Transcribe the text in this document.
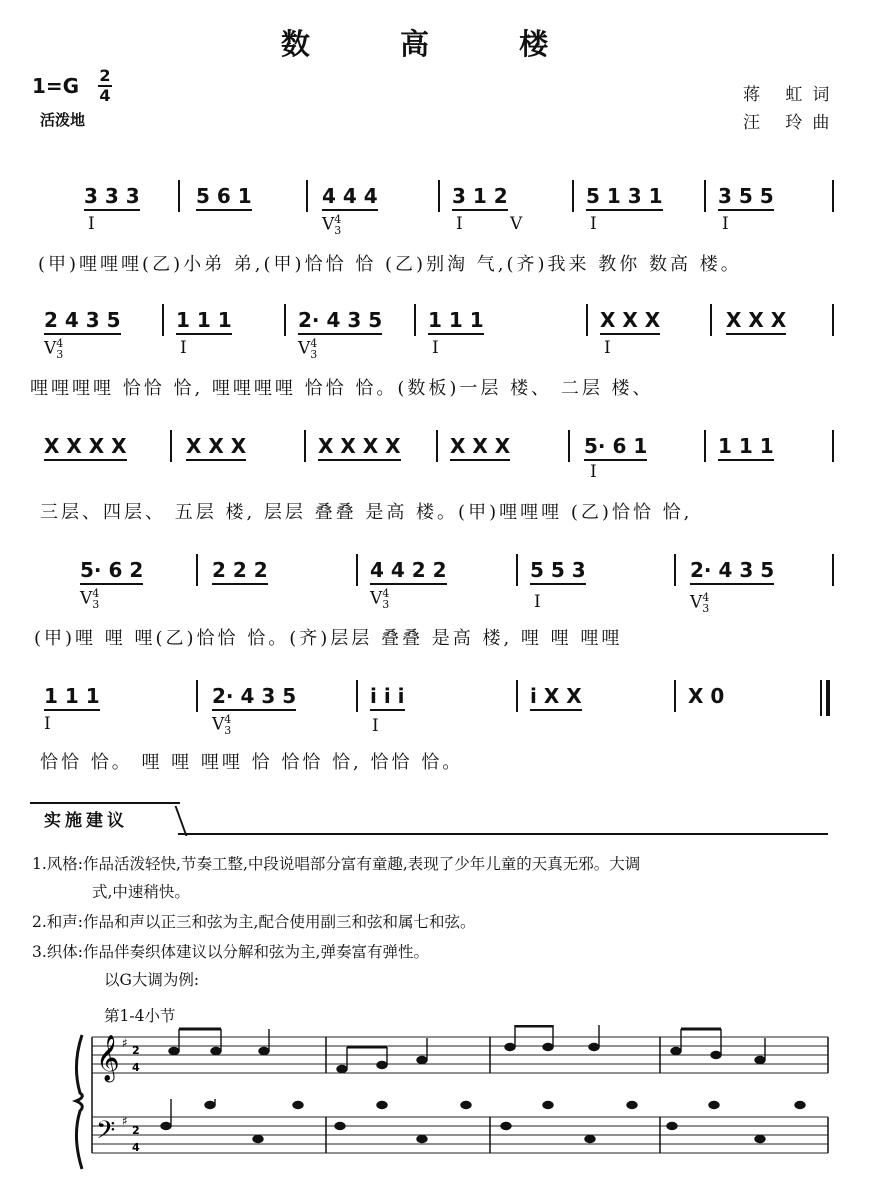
数 高 楼
1=G 2
4
活泼地
蒋 虹词
汪 玲曲
3 3 3	5 6 1	4 4 4	3 1 2	5 1 3 1	3 5 5
I	V4
3	I	V	I	I
(甲)哩哩哩(乙)小弟 弟,(甲)恰恰 恰 (乙)别淘 气,(齐)我来 教你 数高 楼。
2 4 3 5	1 1 1	2· 4 3 5 1 1 1	X X X	X X X
V4
3	I	V4
3	I	I
哩哩哩哩 恰恰 恰, 哩哩哩哩 恰恰 恰。(数板)一层 楼、 二层 楼、
X X X X	X X X	X X X X X X X	5· 6 1	1 1 1
I
三层、四层、 五层 楼, 层层 叠叠 是高 楼。(甲)哩哩哩 (乙)恰恰 恰,
5· 6 2	2 2 2	4 4 2 2	5 5 3	2· 4 3 5
V4
3	V4
3	I	V4
3
(甲)哩 哩 哩(乙)恰恰 恰。(齐)层层 叠叠 是高 楼, 哩 哩 哩哩
1 1 1	2· 4 3 5	i i i	i X X	X 0
I	V4
3	I
恰恰 恰。 哩 哩 哩哩 恰 恰恰 恰, 恰恰 恰。
实施建议
1.风格:作品活泼轻快,节奏工整,中段说唱部分富有童趣,表现了少年儿童的天真无邪。大调
式,中速稍快。
2.和声:作品和声以正三和弦为主,配合使用副三和弦和属七和弦。
3.织体:作品伴奏织体建议以分解和弦为主,弹奏富有弹性。
以G大调为例:
第1-4小节
𝄞
𝄢
♯
♯
2
4
2
4
